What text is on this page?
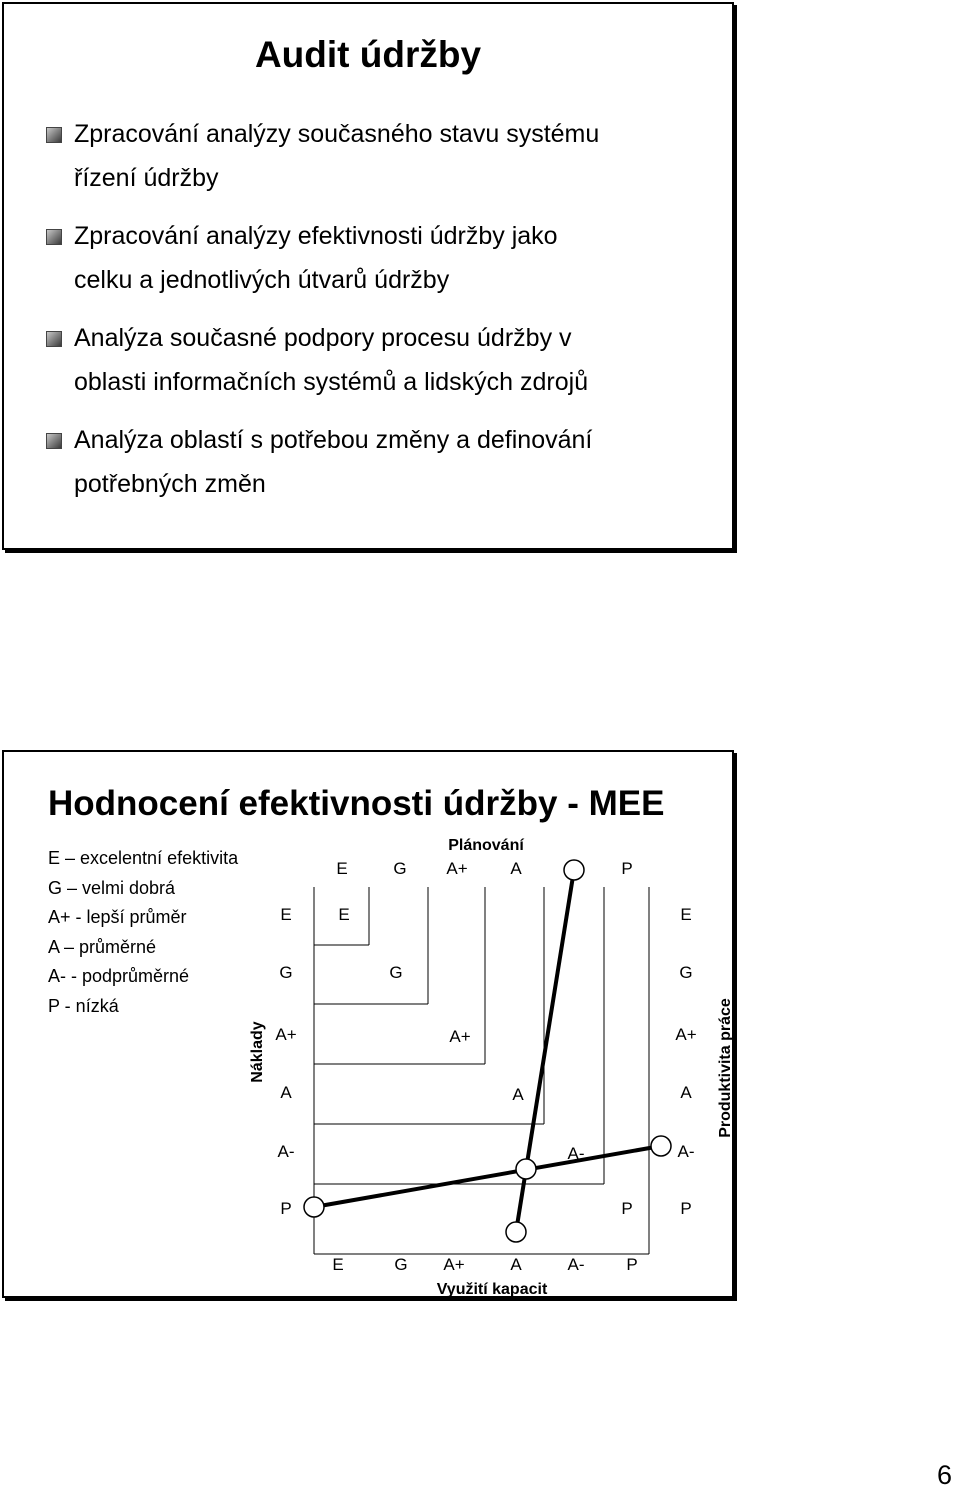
Audit údržby
Zpracování analýzy současného stavu systému
řízení údržby
Zpracování analýzy efektivnosti údržby jako
celku a jednotlivých útvarů údržby
Analýza současné podpory procesu údržby v
oblasti informačních systémů a lidských zdrojů
Analýza oblastí s potřebou změny a definování
potřebných změn
Hodnocení efektivnosti údržby - MEE
E – excelentní efektivita
G – velmi dobrá
A+ - lepší průměr
A – průměrné
A- - podprůměrné
P - nízká
Plánování
E	G A+	A	P
E	G A+	A	A- P
Využití kapacit
E
G
A+
A
A-
P
Náklady
E
G
A+
A
A-
P
Produktivita práce
E
G
A+
A
A-
P
6
